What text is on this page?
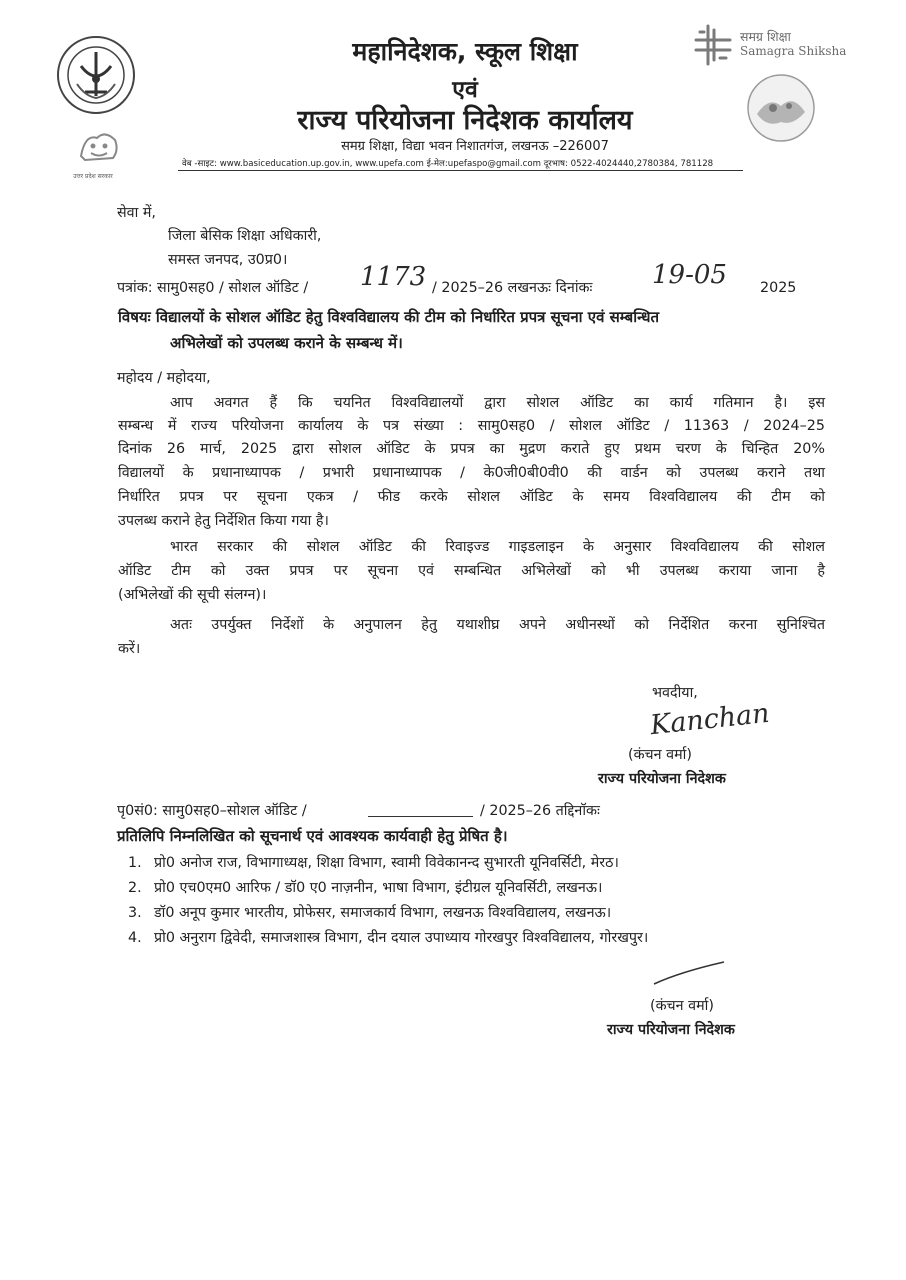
उत्तर प्रदेश सरकार
महानिदेशक, स्कूल शिक्षा
एवं
राज्य परियोजना निदेशक कार्यालय
समग्र शिक्षा, विद्या भवन निशातगंज, लखनऊ –226007
वेब -साइट: www.basiceducation.up.gov.in, www.upefa.com ई-मेल:upefaspo@gmail.com दूरभाष: 0522-4024440,2780384, 781128
समग्र शिक्षा
Samagra Shiksha
सेवा में,
जिला बेसिक शिक्षा अधिकारी,
समस्त जनपद, उ0प्र0।
पत्रांक: सामु0सह0 / सोशल ऑडिट / 1173 / 2025–26 लखनऊः दिनांकः 19-05 2025
विषयः विद्यालयों के सोशल ऑडिट हेतु विश्वविद्यालय की टीम को निर्धारित प्रपत्र सूचना एवं सम्बन्धित
अभिलेखों को उपलब्ध कराने के सम्बन्ध में।
महोदय / महोदया,
आप अवगत हैं कि चयनित विश्वविद्यालयों द्वारा सोशल ऑडिट का कार्य गतिमान है। इस
सम्बन्ध में राज्य परियोजना कार्यालय के पत्र संख्या : सामु0सह0 / सोशल ऑडिट / 11363 / 2024–25
दिनांक 26 मार्च, 2025 द्वारा सोशल ऑडिट के प्रपत्र का मुद्रण कराते हुए प्रथम चरण के चिन्हित 20%
विद्यालयों के प्रधानाध्यापक / प्रभारी प्रधानाध्यापक / के0जी0बी0वी0 की वार्डन को उपलब्ध कराने तथा
निर्धारित प्रपत्र पर सूचना एकत्र / फीड करके सोशल ऑडिट के समय विश्वविद्यालय की टीम को
उपलब्ध कराने हेतु निर्देशित किया गया है।
भारत सरकार की सोशल ऑडिट की रिवाइज्ड गाइडलाइन के अनुसार विश्वविद्यालय की सोशल
ऑडिट टीम को उक्त प्रपत्र पर सूचना एवं सम्बन्धित अभिलेखों को भी उपलब्ध कराया जाना है
(अभिलेखों की सूची संलग्न)।
अतः उपर्युक्त निर्देशों के अनुपालन हेतु यथाशीघ्र अपने अधीनस्थों को निर्देशित करना सुनिश्चित
करें।
भवदीया,
Kanchan
(कंचन वर्मा)
राज्य परियोजना निदेशक
पृ0सं0: सामु0सह0–सोशल ऑडिट /	/ 2025–26 तद्दिनॉकः
प्रतिलिपि निम्नलिखित को सूचनार्थ एवं आवश्यक कार्यवाही हेतु प्रेषित है।
1. प्रो0 अनोज राज, विभागाध्यक्ष, शिक्षा विभाग, स्वामी विवेकानन्द सुभारती यूनिवर्सिटी, मेरठ।
2. प्रो0 एच0एम0 आरिफ / डॉ0 ए0 नाज़नीन, भाषा विभाग, इंटीग्रल यूनिवर्सिटी, लखनऊ।
3. डॉ0 अनूप कुमार भारतीय, प्रोफेसर, समाजकार्य विभाग, लखनऊ विश्वविद्यालय, लखनऊ।
4. प्रो0 अनुराग द्विवेदी, समाजशास्त्र विभाग, दीन दयाल उपाध्याय गोरखपुर विश्वविद्यालय, गोरखपुर।
(कंचन वर्मा)
राज्य परियोजना निदेशक
